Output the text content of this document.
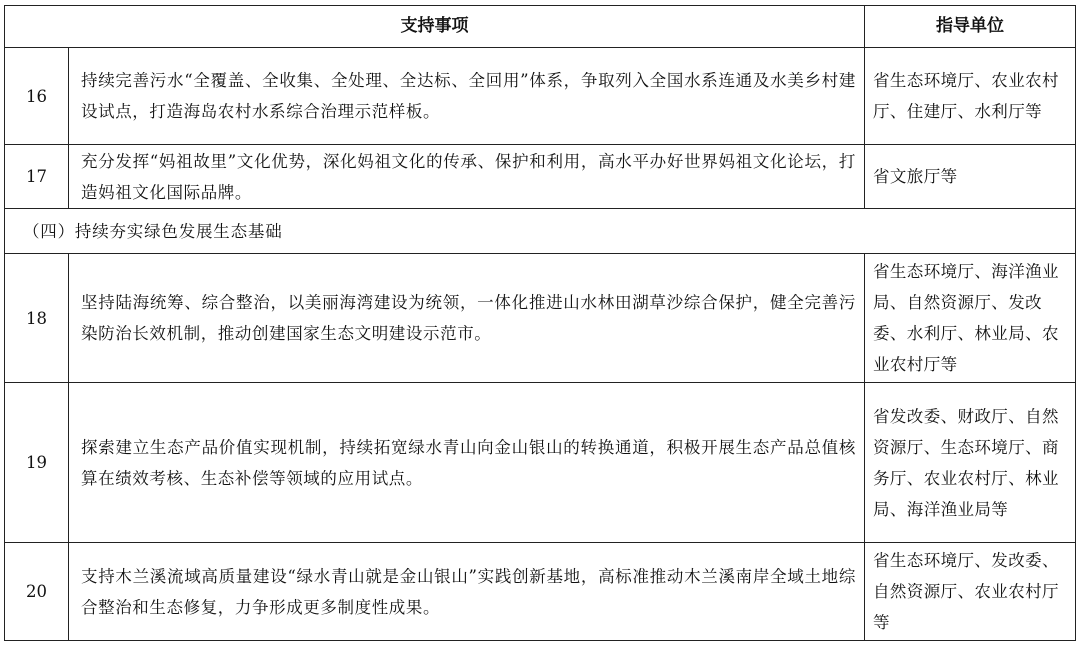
支持事项		指导单位
16	持续完善污水“全覆盖、全收集、全处理、全达标、全回用”体系，争取列入全国水系连通及水美乡村建设试点，打造海岛农村水系综合治理示范样板。	省生态环境厅、农业农村厅、住建厅、水利厅等
17	充分发挥“妈祖故里”文化优势，深化妈祖文化的传承、保护和利用，高水平办好世界妈祖文化论坛，打造妈祖文化国际品牌。	省文旅厅等
（四）持续夯实绿色发展生态基础		
18	坚持陆海统筹、综合整治，以美丽海湾建设为统领，一体化推进山水林田湖草沙综合保护，健全完善污染防治长效机制，推动创建国家生态文明建设示范市。	省生态环境厅、海洋渔业局、自然资源厅、发改委、水利厅、林业局、农业农村厅等
19	探索建立生态产品价值实现机制，持续拓宽绿水青山向金山银山的转换通道，积极开展生态产品总值核算在绩效考核、生态补偿等领域的应用试点。	省发改委、财政厅、自然资源厅、生态环境厅、商务厅、农业农村厅、林业局、海洋渔业局等
20	支持木兰溪流域高质量建设“绿水青山就是金山银山”实践创新基地，高标准推动木兰溪南岸全域土地综合整治和生态修复，力争形成更多制度性成果。	省生态环境厅、发改委、自然资源厅、农业农村厅等
